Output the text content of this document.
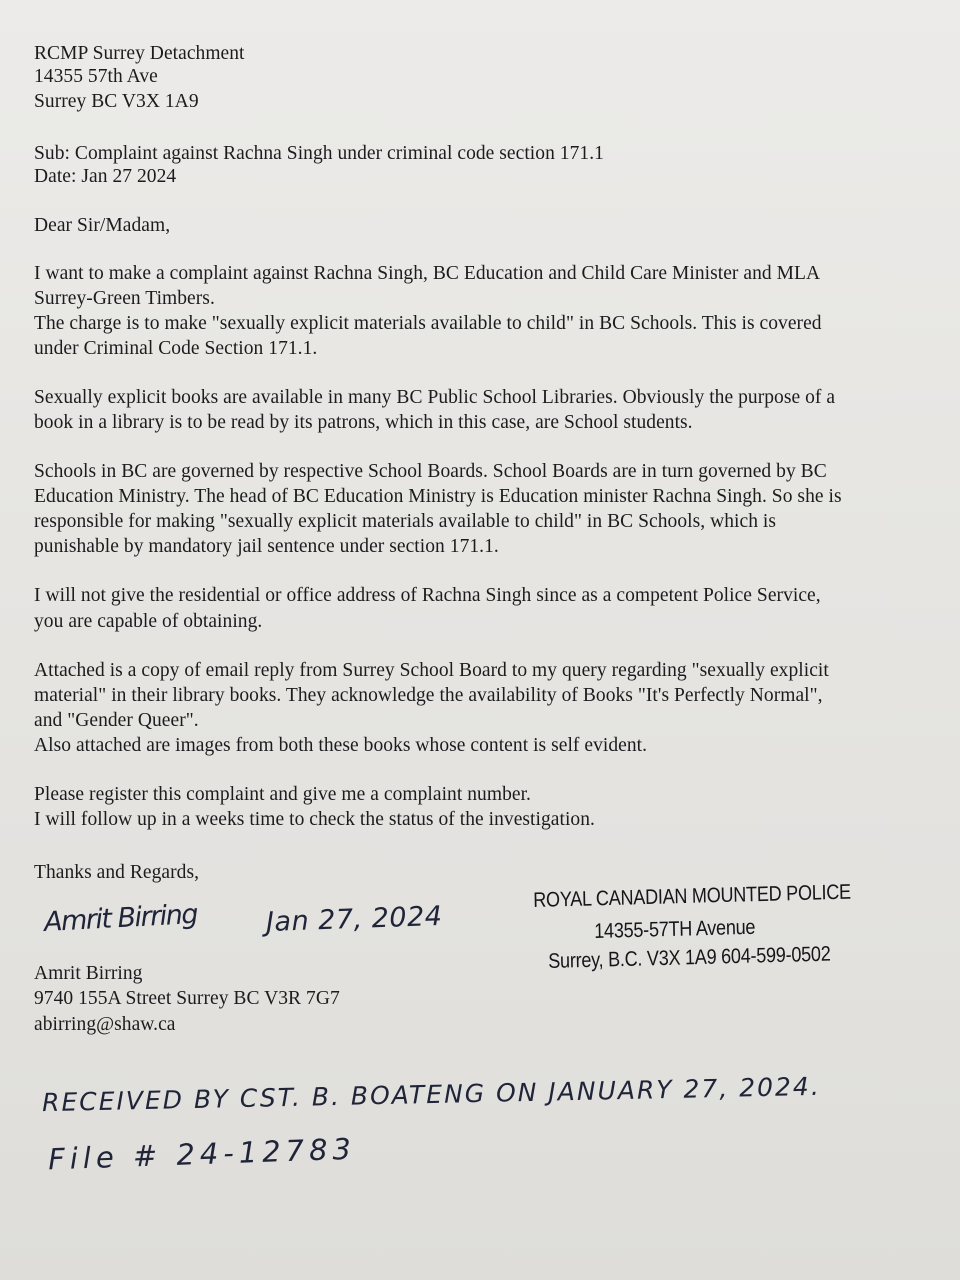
RCMP Surrey Detachment
14355 57th Ave
Surrey BC V3X 1A9
Sub: Complaint against Rachna Singh under criminal code section 171.1
Date: Jan 27 2024
Dear Sir/Madam,
I want to make a complaint against Rachna Singh, BC Education and Child Care Minister and MLA
Surrey-Green Timbers.
The charge is to make "sexually explicit materials available to child" in BC Schools. This is covered
under Criminal Code Section 171.1.
Sexually explicit books are available in many BC Public School Libraries. Obviously the purpose of a
book in a library is to be read by its patrons, which in this case, are School students.
Schools in BC are governed by respective School Boards. School Boards are in turn governed by BC
Education Ministry. The head of BC Education Ministry is Education minister Rachna Singh. So she is
responsible for making "sexually explicit materials available to child" in BC Schools, which is
punishable by mandatory jail sentence under section 171.1.
I will not give the residential or office address of Rachna Singh since as a competent Police Service,
you are capable of obtaining.
Attached is a copy of email reply from Surrey School Board to my query regarding "sexually explicit
material" in their library books. They acknowledge the availability of Books "It's Perfectly Normal",
and "Gender Queer".
Also attached are images from both these books whose content is self evident.
Please register this complaint and give me a complaint number.
I will follow up in a weeks time to check the status of the investigation.
Thanks and Regards,
Amrit Birring	Jan 27, 2024
Amrit Birring
9740 155A Street Surrey BC V3R 7G7
abirring@shaw.ca
ROYAL CANADIAN MOUNTED POLICE
14355-57TH Avenue
Surrey, B.C. V3X 1A9 604-599-0502
RECEIVED BY CST. B. BOATENG ON JANUARY 27, 2024.
File # 24-12783
